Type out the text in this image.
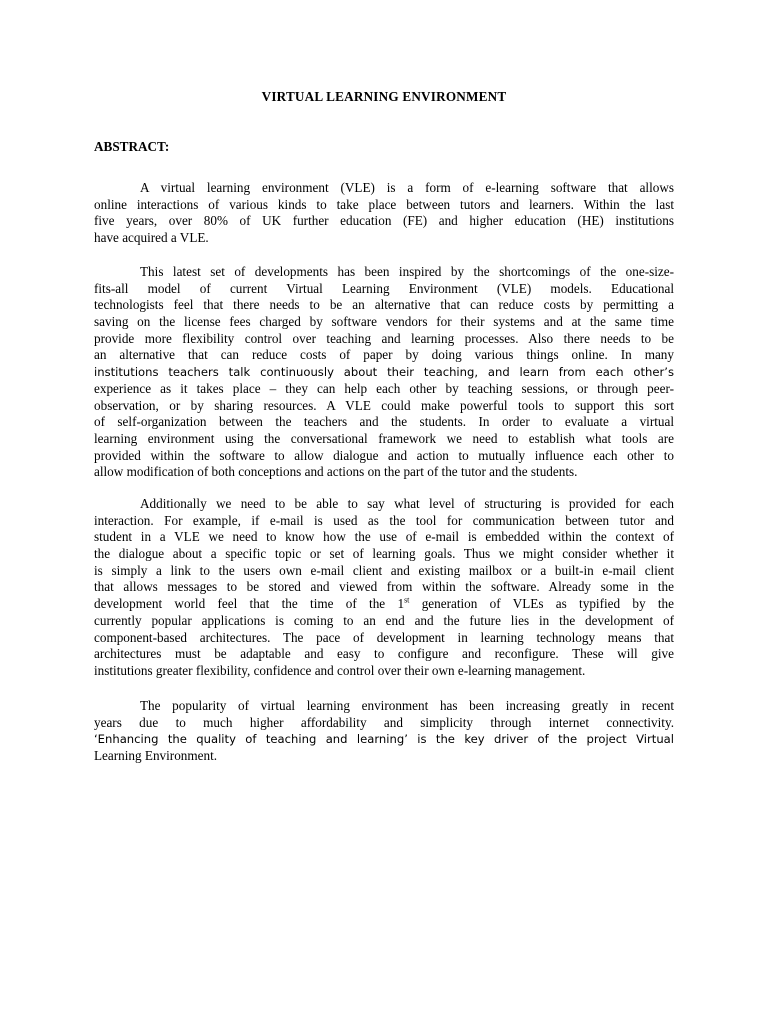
VIRTUAL LEARNING ENVIRONMENT
ABSTRACT:
A virtual learning environment (VLE) is a form of e-learning software that allows
online interactions of various kinds to take place between tutors and learners. Within the last
five years, over 80% of UK further education (FE) and higher education (HE) institutions
have acquired a VLE.
This latest set of developments has been inspired by the shortcomings of the one-size-
fits-all model of current Virtual Learning Environment (VLE) models. Educational
technologists feel that there needs to be an alternative that can reduce costs by permitting a
saving on the license fees charged by software vendors for their systems and at the same time
provide more flexibility control over teaching and learning processes. Also there needs to be
an alternative that can reduce costs of paper by doing various things online. In many
institutions teachers talk continuously about their teaching, and learn from each other’s
experience as it takes place – they can help each other by teaching sessions, or through peer-
observation, or by sharing resources. A VLE could make powerful tools to support this sort
of self-organization between the teachers and the students. In order to evaluate a virtual
learning environment using the conversational framework we need to establish what tools are
provided within the software to allow dialogue and action to mutually influence each other to
allow modification of both conceptions and actions on the part of the tutor and the students.
Additionally we need to be able to say what level of structuring is provided for each
interaction. For example, if e-mail is used as the tool for communication between tutor and
student in a VLE we need to know how the use of e-mail is embedded within the context of
the dialogue about a specific topic or set of learning goals. Thus we might consider whether it
is simply a link to the users own e-mail client and existing mailbox or a built-in e-mail client
that allows messages to be stored and viewed from within the software. Already some in the
development world feel that the time of the 1st generation of VLEs as typified by the
currently popular applications is coming to an end and the future lies in the development of
component-based architectures. The pace of development in learning technology means that
architectures must be adaptable and easy to configure and reconfigure. These will give
institutions greater flexibility, confidence and control over their own e-learning management.
The popularity of virtual learning environment has been increasing greatly in recent
years due to much higher affordability and simplicity through internet connectivity.
‘Enhancing the quality of teaching and learning’ is the key driver of the project Virtual
Learning Environment.
